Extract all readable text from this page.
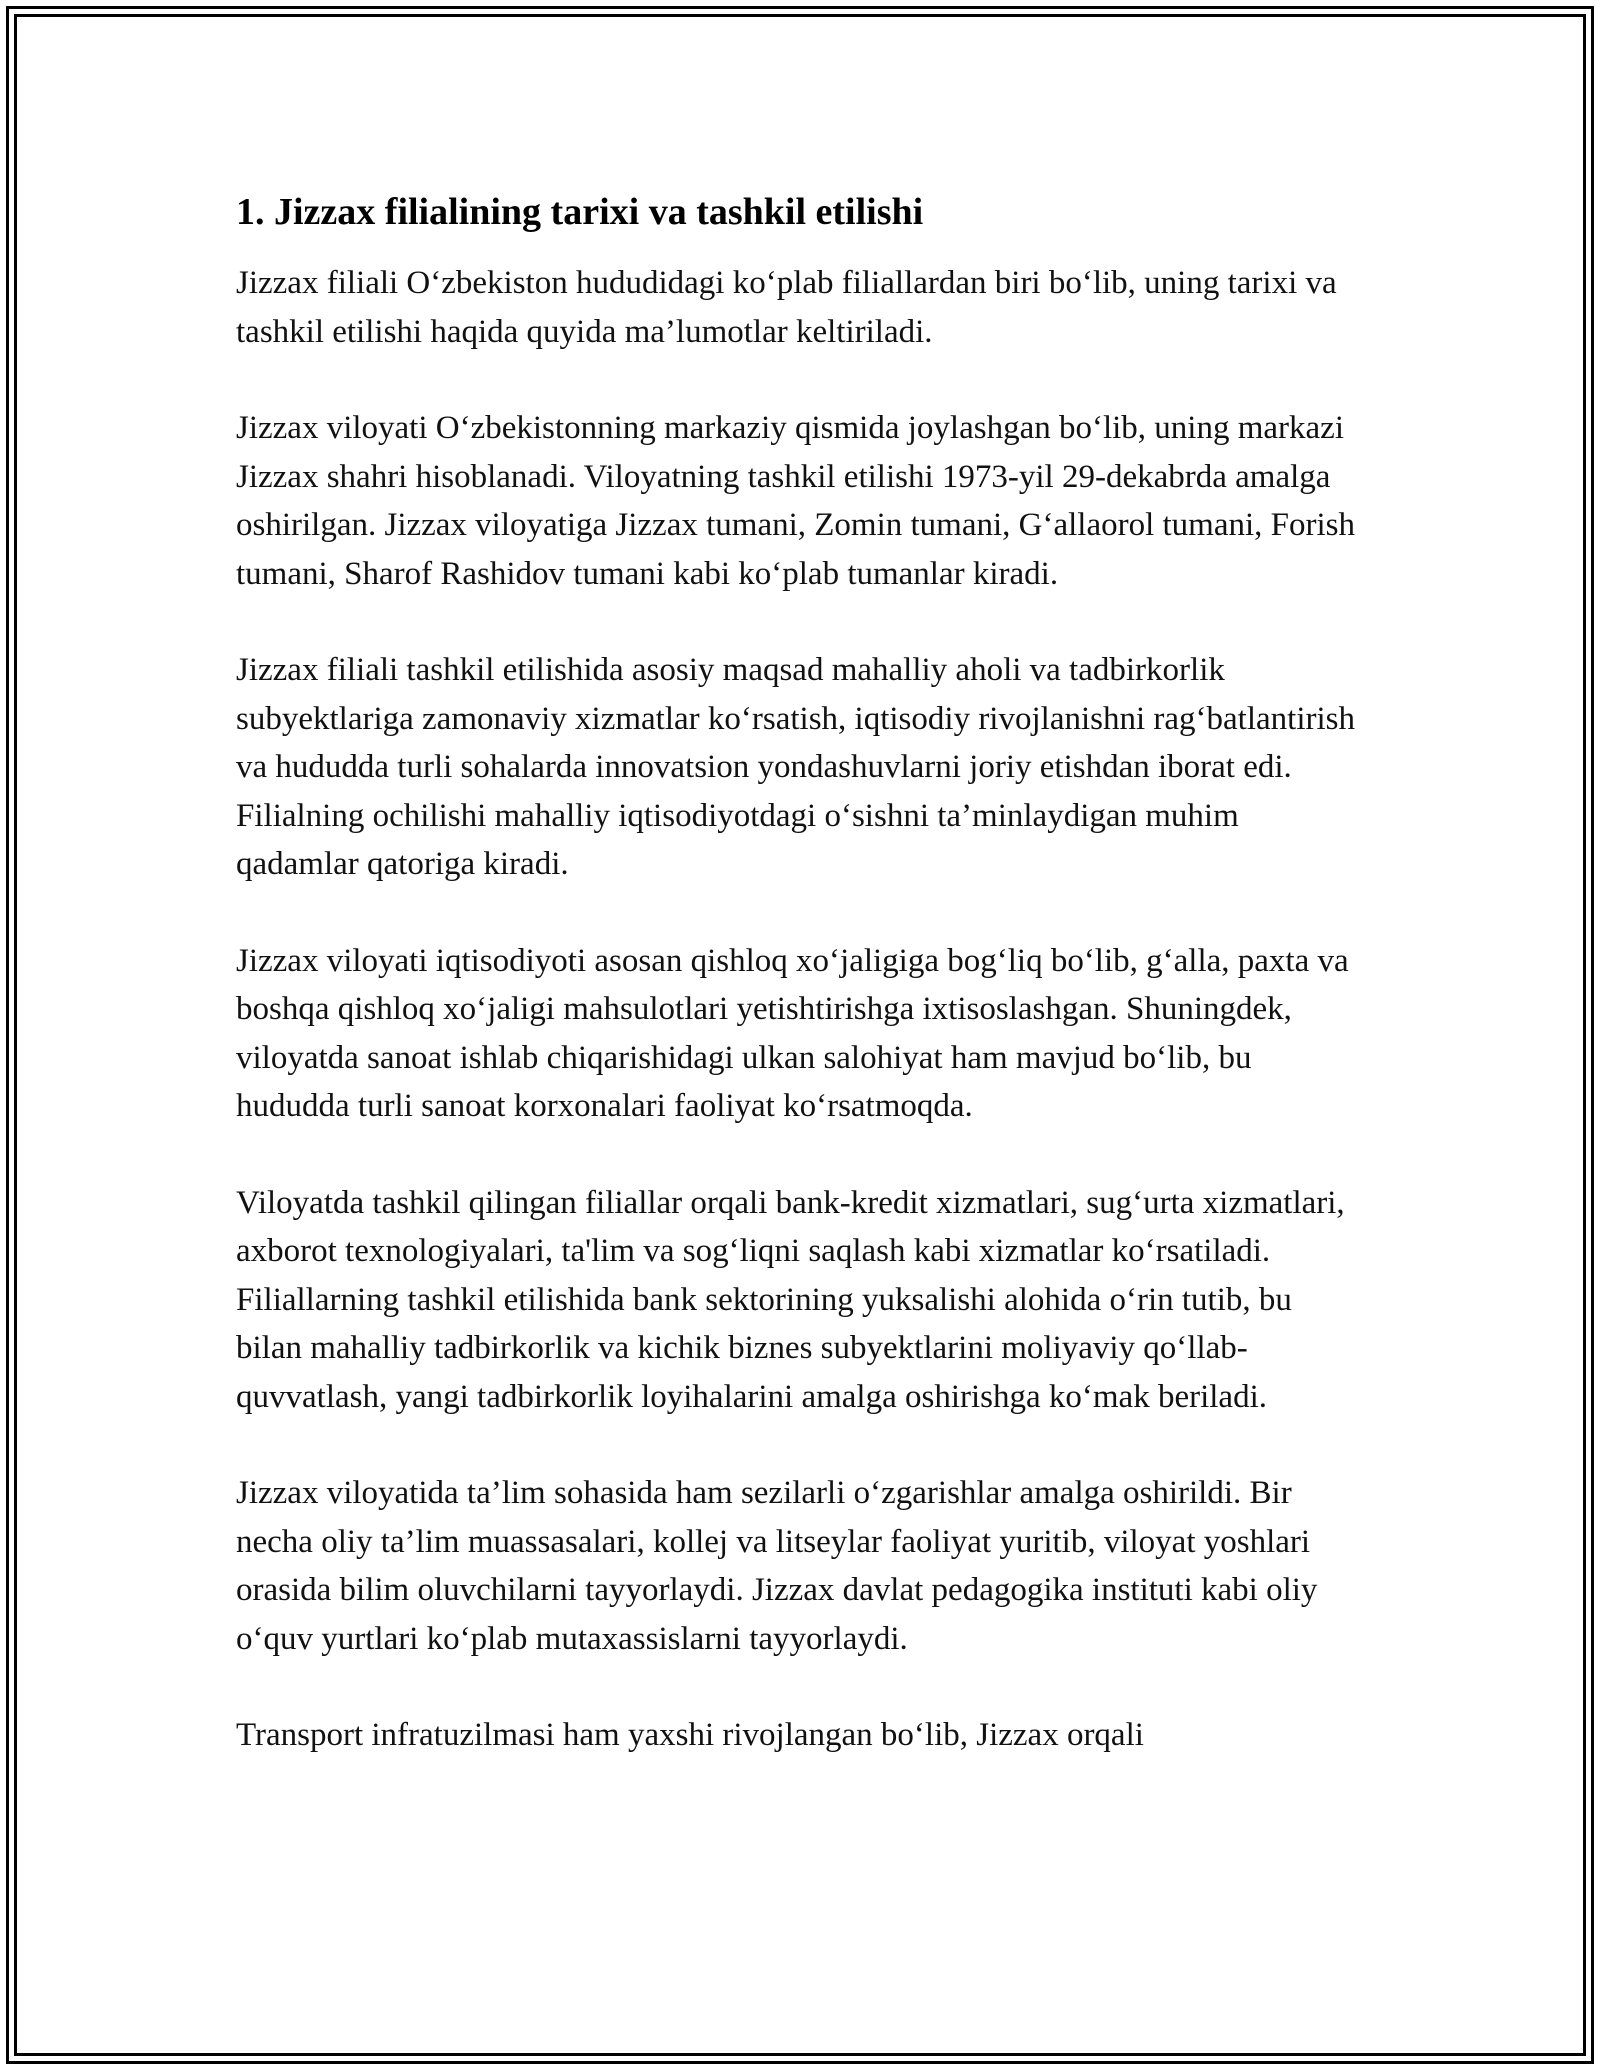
1. Jizzax filialining tarixi va tashkil etilishi

Jizzax filiali O‘zbekiston hududidagi ko‘plab filiallardan biri bo‘lib, uning tarixi va tashkil etilishi haqida quyida ma’lumotlar keltiriladi.

Jizzax viloyati O‘zbekistonning markaziy qismida joylashgan bo‘lib, uning markazi Jizzax shahri hisoblanadi. Viloyatning tashkil etilishi 1973-yil 29-dekabrda amalga oshirilgan. Jizzax viloyatiga Jizzax tumani, Zomin tumani, G‘allaorol tumani, Forish tumani, Sharof Rashidov tumani kabi ko‘plab tumanlar kiradi.

Jizzax filiali tashkil etilishida asosiy maqsad mahalliy aholi va tadbirkorlik subyektlariga zamonaviy xizmatlar ko‘rsatish, iqtisodiy rivojlanishni rag‘batlantirish va hududda turli sohalarda innovatsion yondashuvlarni joriy etishdan iborat edi. Filialning ochilishi mahalliy iqtisodiyotdagi o‘sishni ta’minlaydigan muhim qadamlar qatoriga kiradi.

Jizzax viloyati iqtisodiyoti asosan qishloq xo‘jaligiga bog‘liq bo‘lib, g‘alla, paxta va boshqa qishloq xo‘jaligi mahsulotlari yetishtirishga ixtisoslashgan. Shuningdek, viloyatda sanoat ishlab chiqarishidagi ulkan salohiyat ham mavjud bo‘lib, bu hududda turli sanoat korxonalari faoliyat ko‘rsatmoqda.

Viloyatda tashkil qilingan filiallar orqali bank-kredit xizmatlari, sug‘urta xizmatlari, axborot texnologiyalari, ta'lim va sog‘liqni saqlash kabi xizmatlar ko‘rsatiladi. Filiallarning tashkil etilishida bank sektorining yuksalishi alohida o‘rin tutib, bu bilan mahalliy tadbirkorlik va kichik biznes subyektlarini moliyaviy qo‘llab-quvvatlash, yangi tadbirkorlik loyihalarini amalga oshirishga ko‘mak beriladi.

Jizzax viloyatida ta’lim sohasida ham sezilarli o‘zgarishlar amalga oshirildi. Bir necha oliy ta’lim muassasalari, kollej va litseylar faoliyat yuritib, viloyat yoshlari orasida bilim oluvchilarni tayyorlaydi. Jizzax davlat pedagogika instituti kabi oliy o‘quv yurtlari ko‘plab mutaxassislarni tayyorlaydi.

Transport infratuzilmasi ham yaxshi rivojlangan bo‘lib, Jizzax orqali
